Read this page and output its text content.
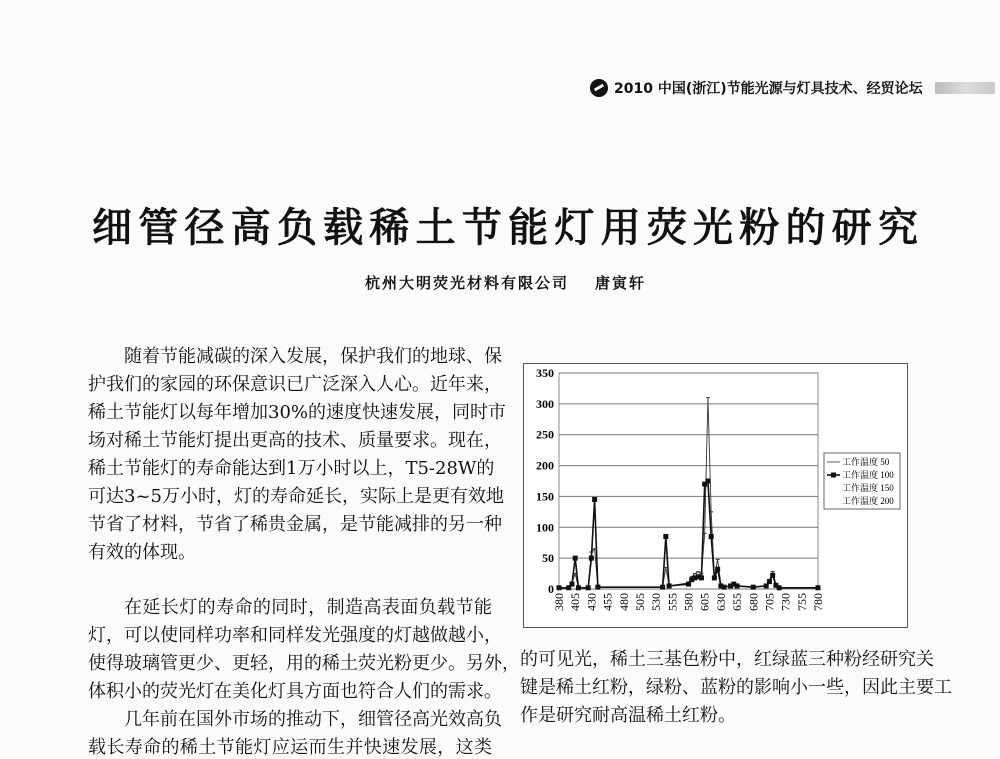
2010 中国(浙江)节能光源与灯具技术、经贸论坛
细管径高负载稀土节能灯用荧光粉的研究
杭州大明荧光材料有限公司 唐寅轩
随着节能减碳的深入发展，保护我们的地球、保
护我们的家园的环保意识已广泛深入人心。近年来，
稀土节能灯以每年增加30%的速度快速发展，同时市
场对稀土节能灯提出更高的技术、质量要求。现在，
稀土节能灯的寿命能达到1万小时以上，T5-28W的
可达3~5万小时，灯的寿命延长，实际上是更有效地
节省了材料，节省了稀贵金属，是节能减排的另一种
有效的体现。
在延长灯的寿命的同时，制造高表面负载节能
灯，可以使同样功率和同样发光强度的灯越做越小，
使得玻璃管更少、更轻，用的稀土荧光粉更少。另外，
体积小的荧光灯在美化灯具方面也符合人们的需求。
几年前在国外市场的推动下，细管径高光效高负
载长寿命的稀土节能灯应运而生并快速发展，这类
的可见光，稀土三基色粉中，红绿蓝三种粉经研究关
键是稀土红粉，绿粉、蓝粉的影响小一些，因此主要工
作是研究耐高温稀土红粉。
0
50
100
150
200
250
300
350
380 405 430 455 480 505 530 555 580 605 630 655 680 705 730 755 780
工作温度 50
工作温度 100
工作温度 150
工作温度 200
